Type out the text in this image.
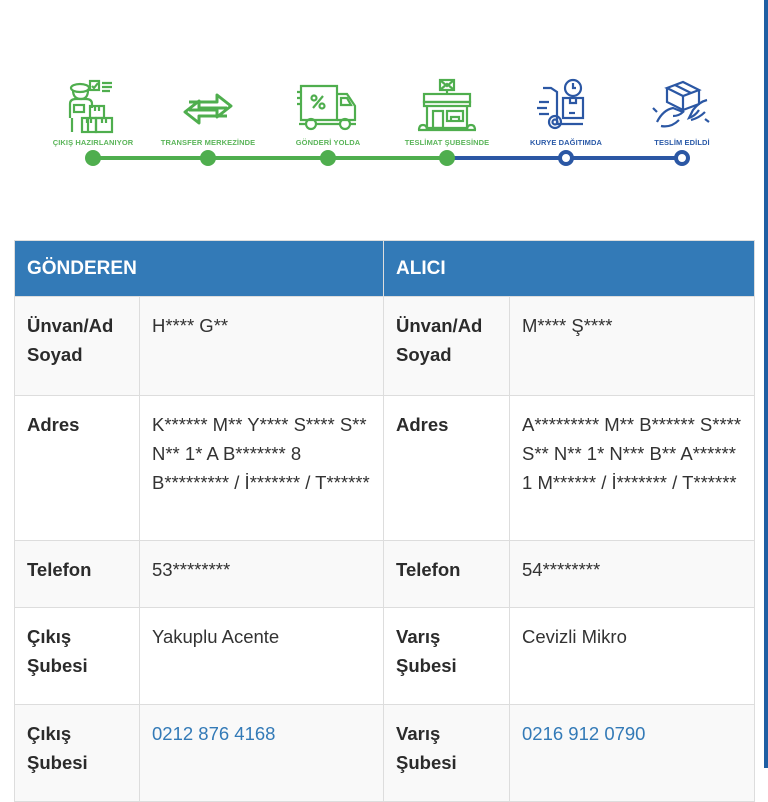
ÇIKIŞ HAZIRLANIYOR	TRANSFER MERKEZİNDE	GÖNDERİ YOLDA	TESLİMAT ŞUBESİNDE	KURYE DAĞITIMDA	TESLİM EDİLDİ
GÖNDEREN		ALICI	
Ünvan/Ad Soyad	H**** G**	Ünvan/Ad Soyad	M**** Ş****
Adres	K****** M** Y**** S**** S** N** 1* A B******* 8 B********* / İ******* / T******	Adres	A********* M** B****** S**** S** N** 1* N*** B** A****** 1 M****** / İ******* / T******
Telefon	53********	Telefon	54********
Çıkış Şubesi	Yakuplu Acente	Varış Şubesi	Cevizli Mikro
Çıkış Şubesi	0212 876 4168	Varış Şubesi	0216 912 0790
